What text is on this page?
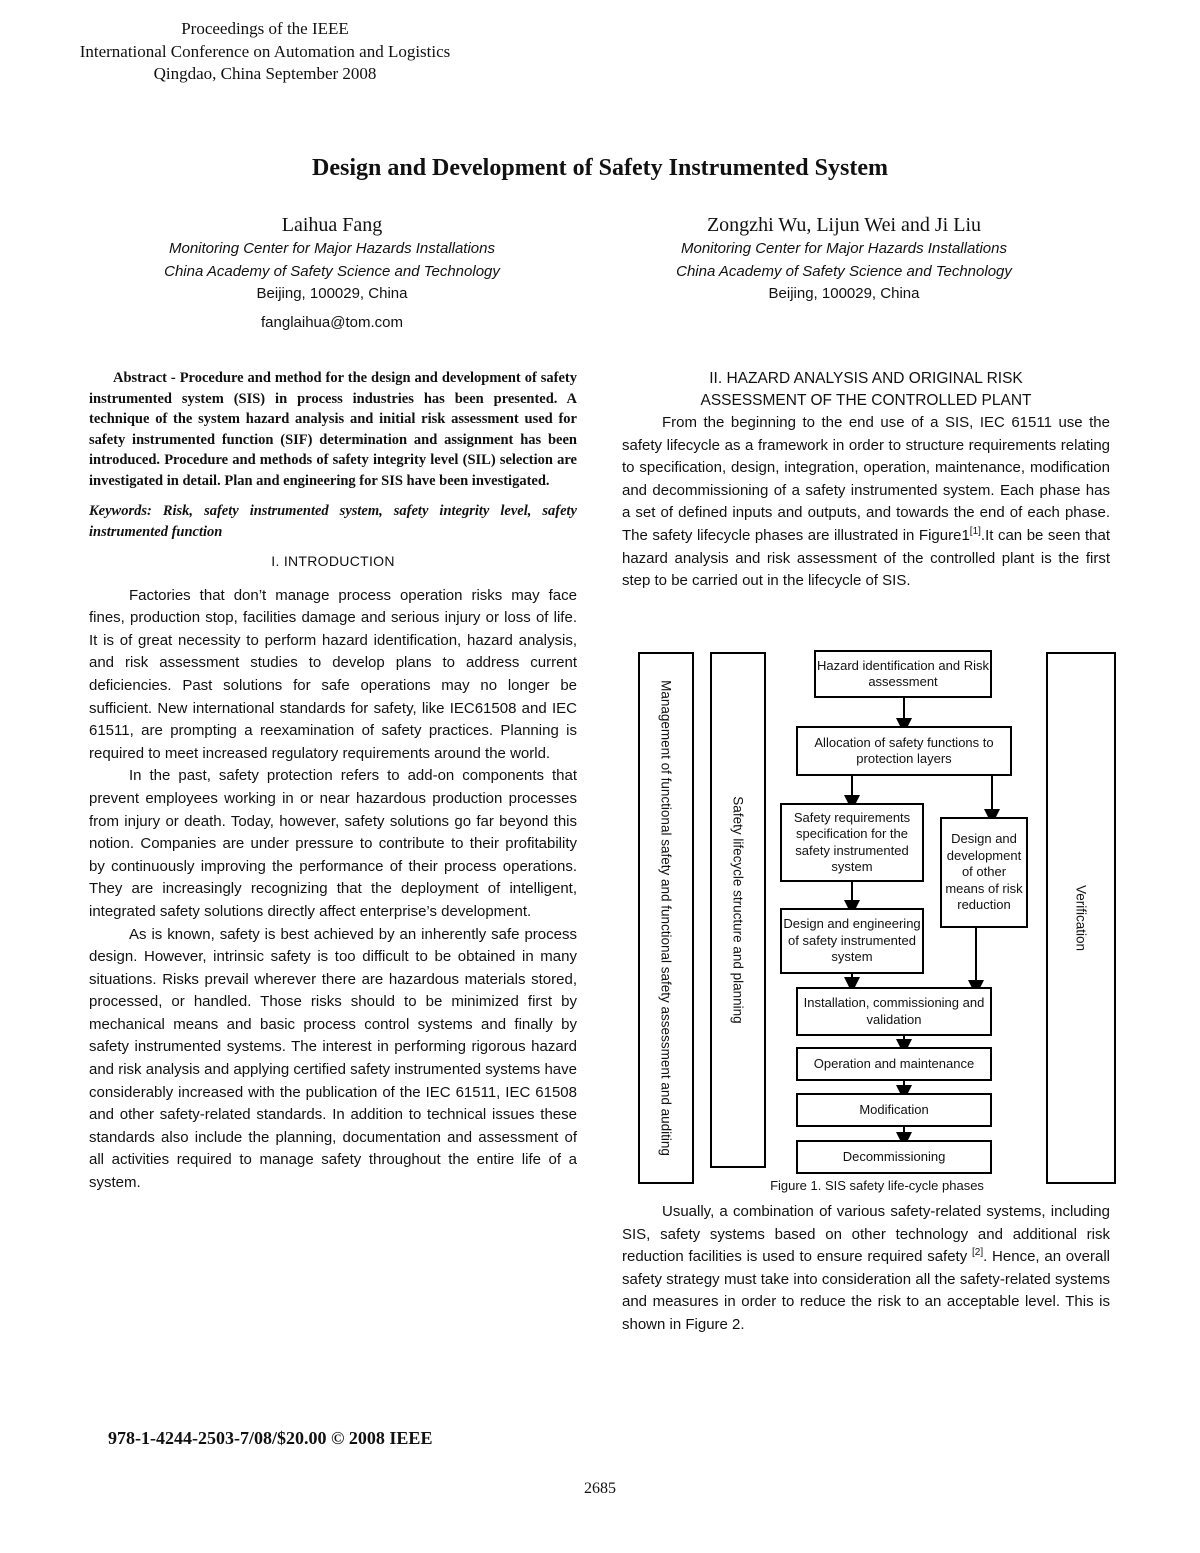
Proceedings of the IEEE
International Conference on Automation and Logistics
Qingdao, China September 2008
Design and Development of Safety Instrumented System
Laihua Fang
Monitoring Center for Major Hazards Installations
China Academy of Safety Science and Technology
Beijing, 100029, China
fanglaihua@tom.com
Zongzhi Wu, Lijun Wei and Ji Liu
Monitoring Center for Major Hazards Installations
China Academy of Safety Science and Technology
Beijing, 100029, China
Abstract - Procedure and method for the design and development of safety instrumented system (SIS) in process industries has been presented. A technique of the system hazard analysis and initial risk assessment used for safety instrumented function (SIF) determination and assignment has been introduced. Procedure and methods of safety integrity level (SIL) selection are investigated in detail. Plan and engineering for SIS have been investigated.
Keywords: Risk, safety instrumented system, safety integrity level, safety instrumented function
I. INTRODUCTION

Factories that don’t manage process operation risks may face fines, production stop, facilities damage and serious injury or loss of life. It is of great necessity to perform hazard identification, hazard analysis, and risk assessment studies to develop plans to address current deficiencies. Past solutions for safe operations may no longer be sufficient. New international standards for safety, like IEC61508 and IEC 61511, are prompting a reexamination of safety practices. Planning is required to meet increased regulatory requirements around the world.

In the past, safety protection refers to add-on components that prevent employees working in or near hazardous production processes from injury or death. Today, however, safety solutions go far beyond this notion. Companies are under pressure to contribute to their profitability by continuously improving the performance of their process operations. They are increasingly recognizing that the deployment of intelligent, integrated safety solutions directly affect enterprise’s development.

As is known, safety is best achieved by an inherently safe process design. However, intrinsic safety is too difficult to be obtained in many situations. Risks prevail wherever there are hazardous materials stored, processed, or handled. Those risks should to be minimized first by mechanical means and basic process control systems and finally by safety instrumented systems. The interest in performing rigorous hazard and risk analysis and applying certified safety instrumented systems have considerably increased with the publication of the IEC 61511, IEC 61508 and other safety-related standards. In addition to technical issues these standards also include the planning, documentation and assessment of all activities required to manage safety throughout the entire life of a system.

II. HAZARD ANALYSIS AND ORIGINAL RISK
ASSESSMENT OF THE CONTROLLED PLANT

From the beginning to the end use of a SIS, IEC 61511 use the safety lifecycle as a framework in order to structure requirements relating to specification, design, integration, operation, maintenance, modification and decommissioning of a safety instrumented system. Each phase has a set of defined inputs and outputs, and towards the end of each phase. The safety lifecycle phases are illustrated in Figure1[1].It can be seen that hazard analysis and risk assessment of the controlled plant is the first step to be carried out in the lifecycle of SIS.

Management of functional safety and functional safety assessment and auditing	Safety lifecycle structure and planning	Verification
Hazard identification and Risk assessment
Allocation of safety functions to protection layers
Safety requirements specification for the safety instrumented system
Design and development of other means of risk reduction
Design and engineering of safety instrumented system
Installation, commissioning and validation
Operation and maintenance
Modification
Decommissioning
Figure 1. SIS safety life-cycle phases

Usually, a combination of various safety-related systems, including SIS, safety systems based on other technology and additional risk reduction facilities is used to ensure required safety [2]. Hence, an overall safety strategy must take into consideration all the safety-related systems and measures in order to reduce the risk to an acceptable level. This is shown in Figure 2.

978-1-4244-2503-7/08/$20.00 © 2008 IEEE
2685
